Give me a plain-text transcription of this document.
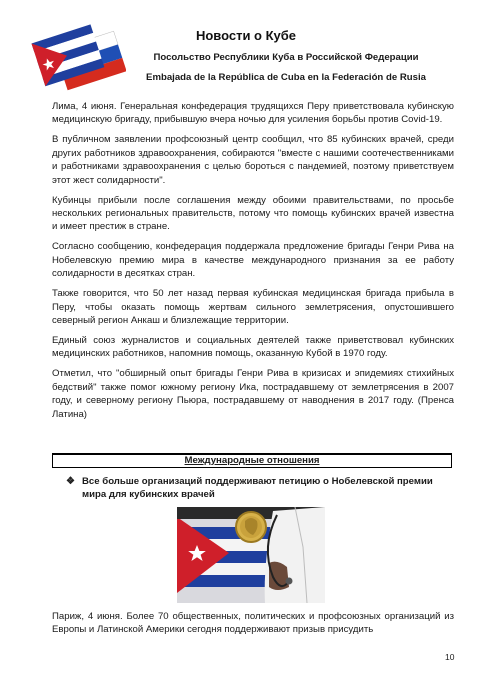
Новости о Кубе
Посольство Республики Куба в Российской Федерации
Embajada de la República de Cuba en la Federación de Rusia

Лима, 4 июня. Генеральная конфедерация трудящихся Перу приветствовала кубинскую медицинскую бригаду, прибывшую вчера ночью для усиления борьбы против Covid-19.

В публичном заявлении профсоюзный центр сообщил, что 85 кубинских врачей, среди других работников здравоохранения, собираются "вместе с нашими соотечественниками и работниками здравоохранения с целью бороться с пандемией, поэтому приветствуем этот жест солидарности".

Кубинцы прибыли после соглашения между обоими правительствами, по просьбе нескольких региональных правительств, потому что помощь кубинских врачей известна и имеет престиж в стране.

Согласно сообщению, конфедерация поддержала предложение бригады Генри Рива на Нобелевскую премию мира в качестве международного признания за ее работу солидарности в десятках стран.

Также говорится, что 50 лет назад первая кубинская медицинская бригада прибыла в Перу, чтобы оказать помощь жертвам сильного землетрясения, опустошившего северный регион Анкаш и близлежащие территории.

Единый союз журналистов и социальных деятелей также приветствовал кубинских медицинских работников, напомнив помощь, оказанную Кубой в 1970 году.

Отметил, что "обширный опыт бригады Генри Рива в кризисах и эпидемиях стихийных бедствий" также помог южному региону Ика, пострадавшему от землетрясения в 2007 году, и северному региону Пьюра, пострадавшему от наводнения в 2017 году. (Пренса Латина)

Международные отношения
❖ Все больше организаций поддерживают петицию о Нобелевской премии мира для кубинских врачей
Париж, 4 июня. Более 70 общественных, политических и профсоюзных организаций из Европы и Латинской Америки сегодня поддерживают призыв присудить
10
